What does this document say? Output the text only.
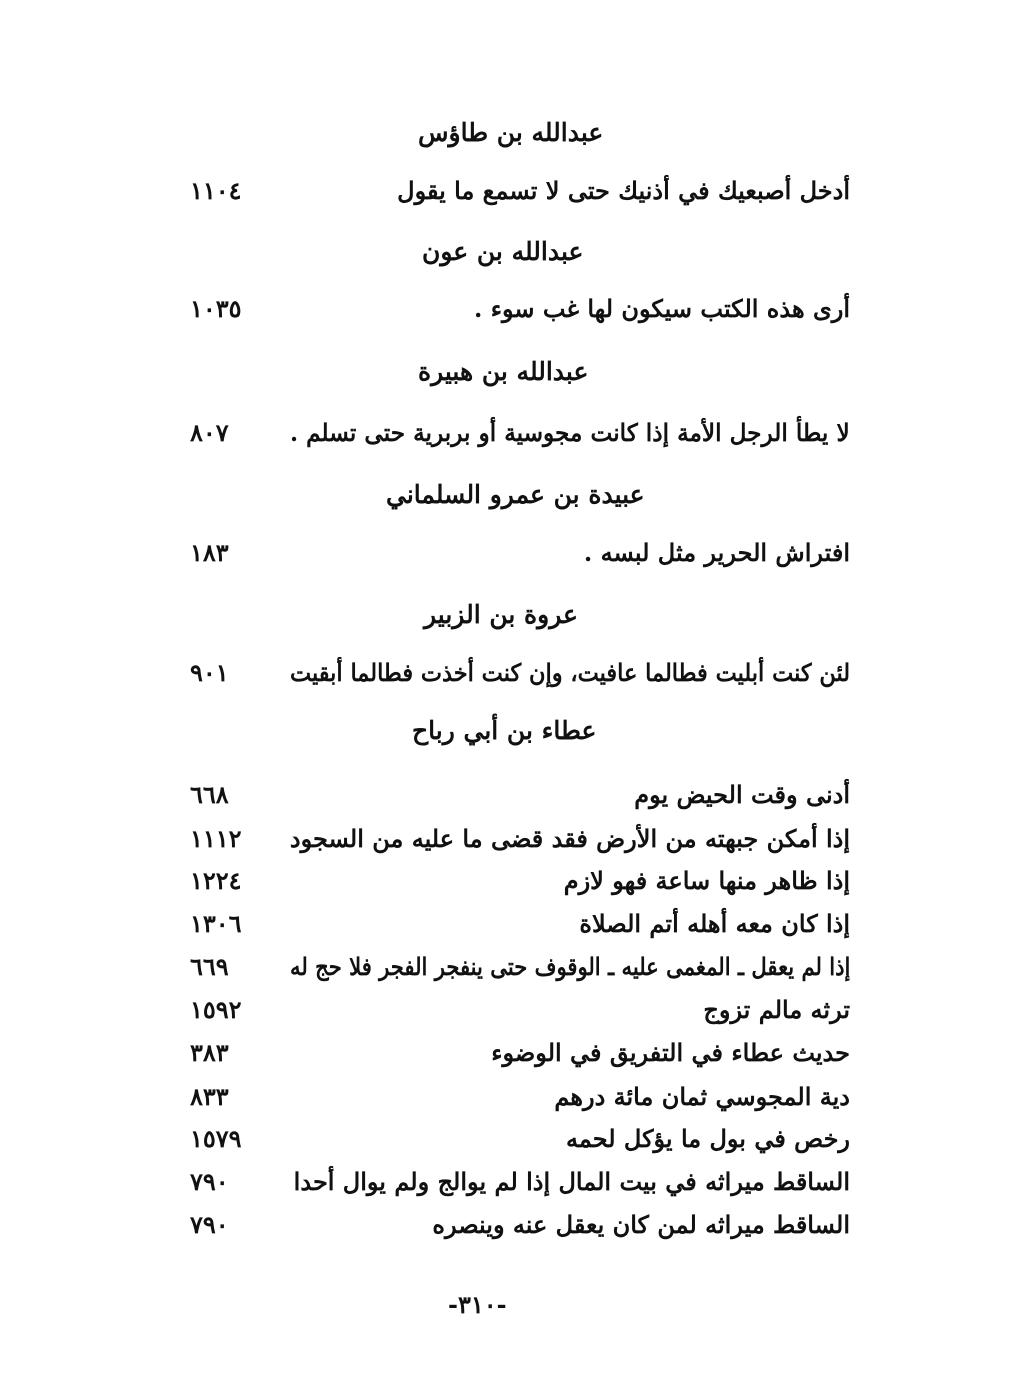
عبدالله بن طاؤس
أدخل أصبعيك في أذنيك حتى لا تسمع ما يقول
١١٠٤
عبدالله بن عون
أرى هذه الكتب سيكون لها غب سوء .
١٠٣٥
عبدالله بن هبيرة
لا يطأ الرجل الأمة إذا كانت مجوسية أو بربرية حتى تسلم .
٨٠٧
عبيدة بن عمرو السلماني
افتراش الحرير مثل لبسه .
١٨٣
عروة بن الزبير
لئن كنت أبليت فطالما عافيت، وإن كنت أخذت فطالما أبقيت
٩٠١
عطاء بن أبي رباح
أدنى وقت الحيض يوم
٦٦٨
إذا أمكن جبهته من الأرض فقد قضى ما عليه من السجود
١١١٢
إذا ظاهر منها ساعة فهو لازم
١٢٢٤
إذا كان معه أهله أتم الصلاة
١٣٠٦
إذا لم يعقل ـ المغمى عليه ـ الوقوف حتى ينفجر الفجر فلا حج له
٦٦٩
ترثه مالم تزوج
١٥٩٢
حديث عطاء في التفريق في الوضوء
٣٨٣
دية المجوسي ثمان مائة درهم
٨٣٣
رخص في بول ما يؤكل لحمه
١٥٧٩
الساقط ميراثه في بيت المال إذا لم يوالج ولم يوال أحدا
٧٩٠
الساقط ميراثه لمن كان يعقل عنه وينصره
٧٩٠
-٣١٠-
